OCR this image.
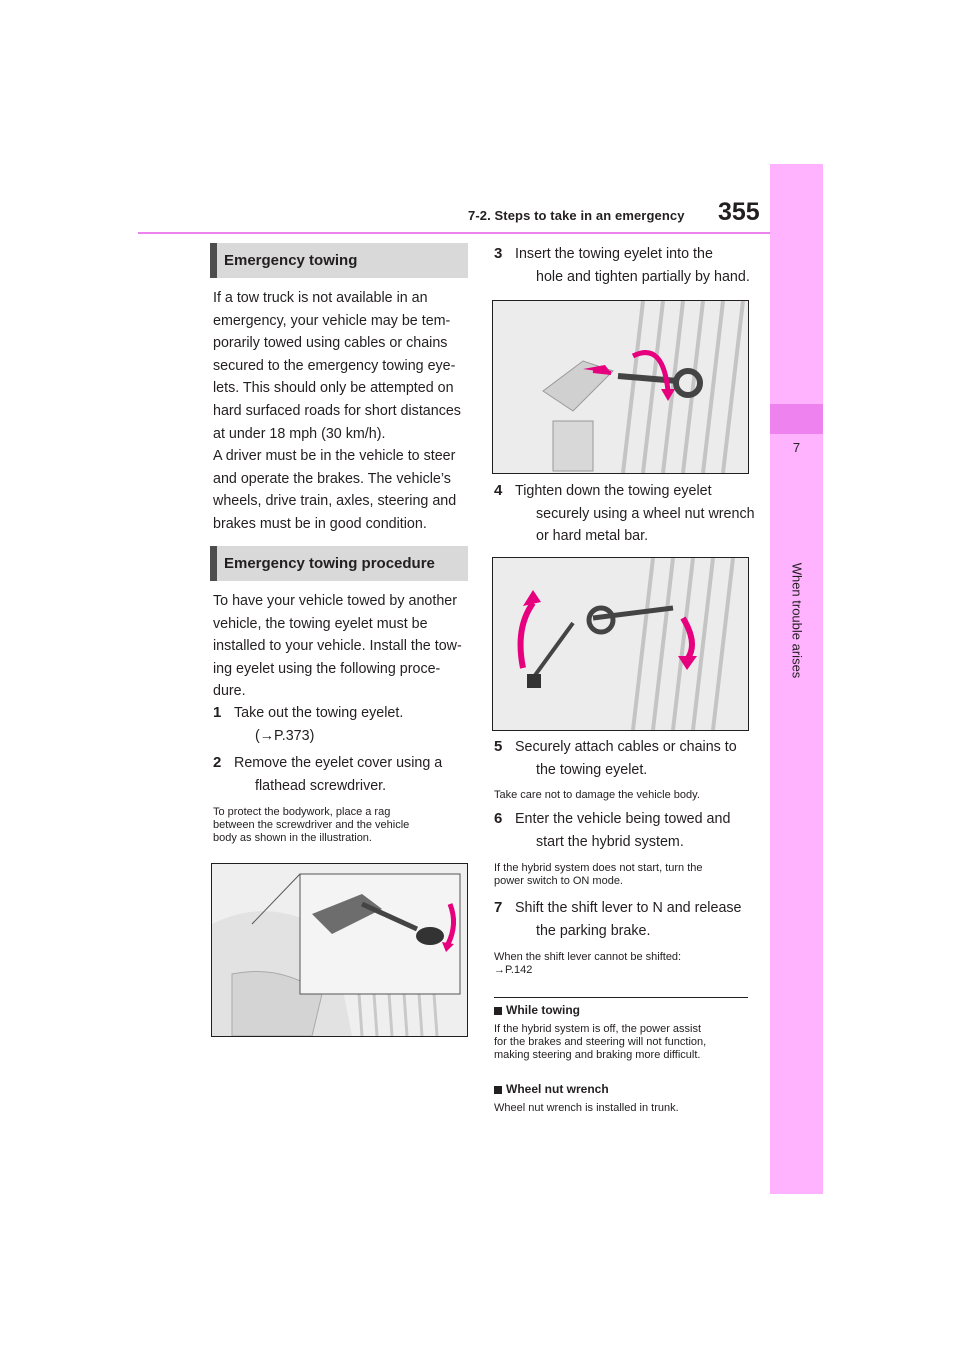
7-2. Steps to take in an emergency 355
7
When trouble arises
Emergency towing
If a tow truck is not available in an
emergency, your vehicle may be tem-
porarily towed using cables or chains
secured to the emergency towing eye-
lets. This should only be attempted on
hard surfaced roads for short distances
at under 18 mph (30 km/h).
A driver must be in the vehicle to steer
and operate the brakes. The vehicle’s
wheels, drive train, axles, steering and
brakes must be in good condition.
Emergency towing procedure
To have your vehicle towed by another
vehicle, the towing eyelet must be
installed to your vehicle. Install the tow-
ing eyelet using the following proce-
dure.
1 Take out the towing eyelet.
(→P.373)
2 Remove the eyelet cover using a
flathead screwdriver.
To protect the bodywork, place a rag
between the screwdriver and the vehicle
body as shown in the illustration.
3 Insert the towing eyelet into the
hole and tighten partially by hand.
4 Tighten down the towing eyelet
securely using a wheel nut wrench
or hard metal bar.
5 Securely attach cables or chains to
the towing eyelet.
Take care not to damage the vehicle body.
6 Enter the vehicle being towed and
start the hybrid system.
If the hybrid system does not start, turn the
power switch to ON mode.
7 Shift the shift lever to N and release
the parking brake.
When the shift lever cannot be shifted:
→P.142
While towing
If the hybrid system is off, the power assist
for the brakes and steering will not function,
making steering and braking more difficult.
Wheel nut wrench
Wheel nut wrench is installed in trunk.
